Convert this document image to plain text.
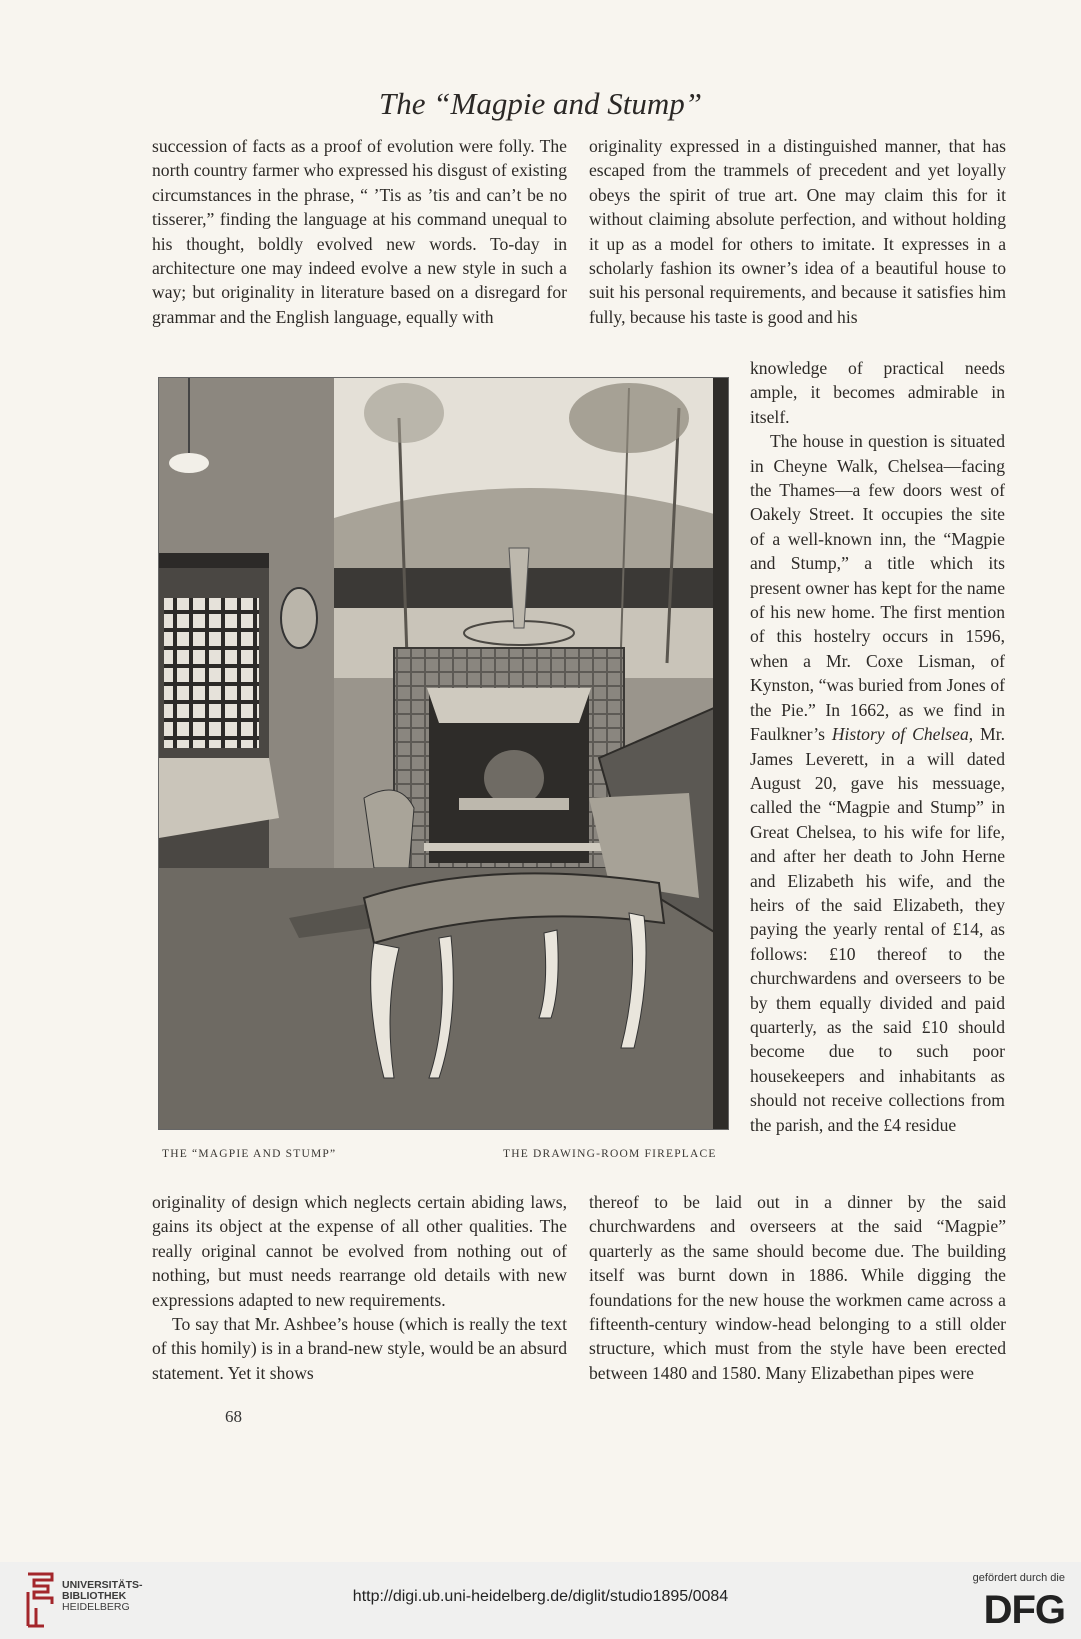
The “Magpie and Stump”

succession of facts as a proof of evolution were folly. The north country farmer who expressed his disgust of existing circumstances in the phrase, “ ’Tis as ’tis and can’t be no tisserer,” finding the language at his command unequal to his thought, boldly evolved new words. To-day in architecture one may indeed evolve a new style in such a way; but originality in literature based on a disregard for grammar and the English language, equally with

originality expressed in a distinguished manner, that has escaped from the trammels of precedent and yet loyally obeys the spirit of true art. One may claim this for it without claiming absolute perfection, and without holding it up as a model for others to imitate. It expresses in a scholarly fashion its owner’s idea of a beautiful house to suit his personal requirements, and because it satisfies him fully, because his taste is good and his

THE “MAGPIE AND STUMP”	THE DRAWING-ROOM FIREPLACE

knowledge of practical needs ample, it becomes admirable in itself.

The house in question is situated in Cheyne Walk, Chelsea—facing the Thames—a few doors west of Oakely Street. It occupies the site of a well-known inn, the “Magpie and Stump,” a title which its present owner has kept for the name of his new home. The first mention of this hostelry occurs in 1596, when a Mr. Coxe Lisman, of Kynston, “was buried from Jones of the Pie.” In 1662, as we find in Faulkner’s History of Chelsea, Mr. James Leverett, in a will dated August 20, gave his messuage, called the “Magpie and Stump” in Great Chelsea, to his wife for life, and after her death to John Herne and Elizabeth his wife, and the heirs of the said Elizabeth, they paying the yearly rental of £14, as follows: £10 thereof to the churchwardens and overseers to be by them equally divided and paid quarterly, as the said £10 should become due to such poor housekeepers and inhabitants as should not receive collections from the parish, and the £4 residue

originality of design which neglects certain abiding laws, gains its object at the expense of all other qualities. The really original cannot be evolved from nothing out of nothing, but must needs rearrange old details with new expressions adapted to new requirements.

To say that Mr. Ashbee’s house (which is really the text of this homily) is in a brand-new style, would be an absurd statement. Yet it shows

thereof to be laid out in a dinner by the said churchwardens and overseers at the said “Magpie” quarterly as the same should become due. The building itself was burnt down in 1886. While digging the foundations for the new house the workmen came across a fifteenth-century window-head belonging to a still older structure, which must from the style have been erected between 1480 and 1580. Many Elizabethan pipes were

68
UNIVERSITÄTS-
BIBLIOTHEK
HEIDELBERG
http://digi.ub.uni-heidelberg.de/diglit/studio1895/0084
gefördert durch die
DFG
